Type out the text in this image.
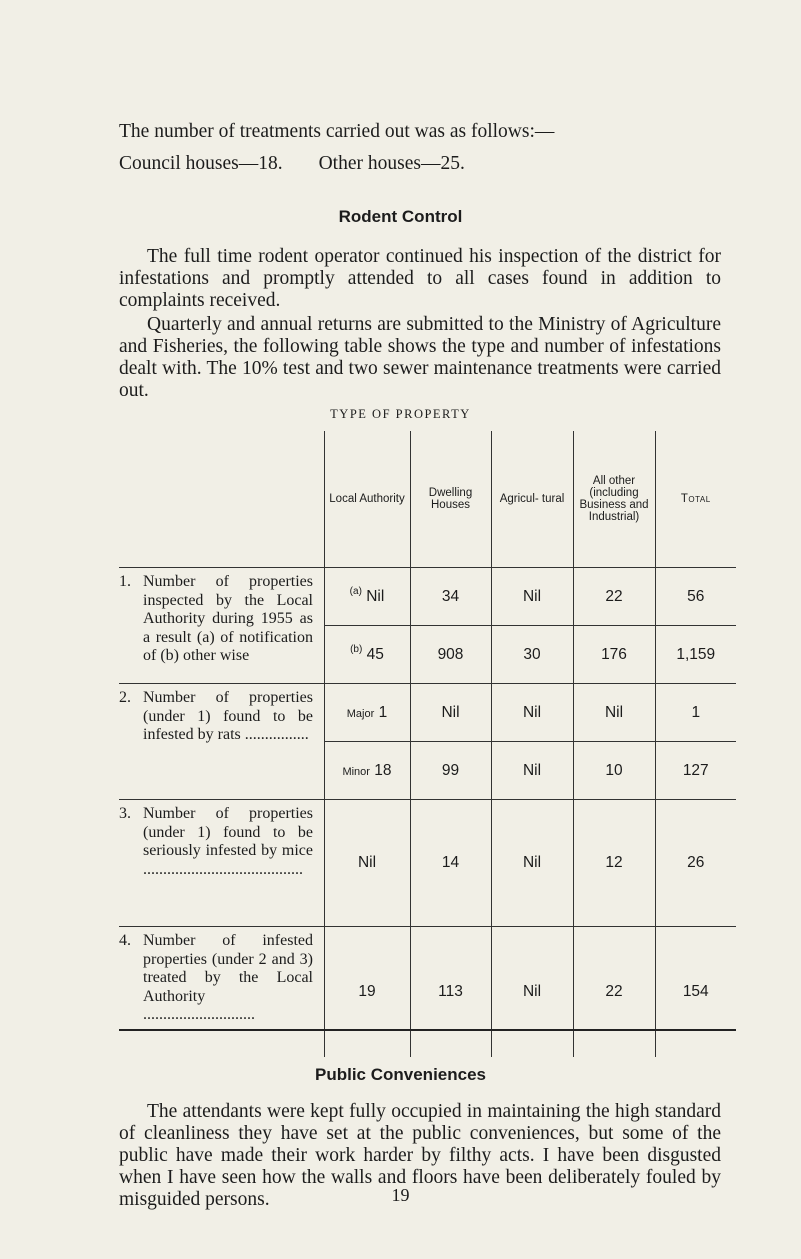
The number of treatments carried out was as follows:—
Council houses—18. Other houses—25.
Rodent Control
The full time rodent operator continued his inspection of the district for infestations and promptly attended to all cases found in addition to complaints received.
Quarterly and annual returns are submitted to the Ministry of Agriculture and Fisheries, the following table shows the type and number of infestations dealt with. The 10% test and two sewer maintenance treatments were carried out.
TYPE OF PROPERTY
	Local Authority	Dwelling Houses	Agricul- tural	All other (including Business and Industrial)	Total
1. Number of properties inspected by the Local Authority during 1955 as a result (a) of notification of (b) other wise	$^{(a)}$ Nil	34	Nil	22	56
	$^{(b)}$ 45	908	30	176	1,159
2. Number of properties (under 1) found to be infested by rats ................	Major 1	Nil	Nil	Nil	1
	Minor 18	99	Nil	10	127
3. Number of properties (under 1) found to be seriously infested by mice ........................................	Nil	14	Nil	12	26
4. Number of infested properties (under 2 and 3) treated by the Local Authority ............................	19	113	Nil	22	154
Public Conveniences
The attendants were kept fully occupied in maintaining the high standard of cleanliness they have set at the public conveniences, but some of the public have made their work harder by filthy acts. I have been disgusted when I have seen how the walls and floors have been deliberately fouled by misguided persons.	19
